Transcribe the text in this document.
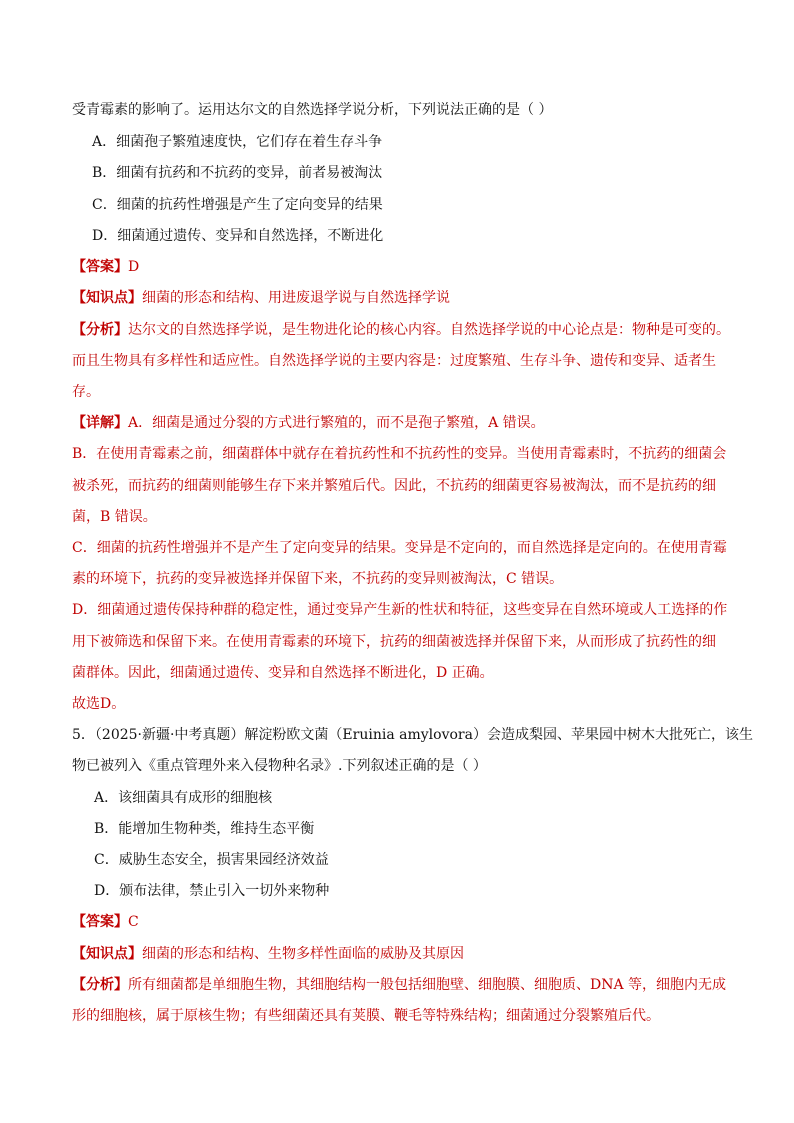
受青霉素的影响了。运用达尔文的自然选择学说分析，下列说法正确的是（ ）
A．细菌孢子繁殖速度快，它们存在着生存斗争
B．细菌有抗药和不抗药的变异，前者易被淘汰
C．细菌的抗药性增强是产生了定向变异的结果
D．细菌通过遗传、变异和自然选择，不断进化
【答案】D
【知识点】细菌的形态和结构、用进废退学说与自然选择学说
【分析】达尔文的自然选择学说，是生物进化论的核心内容。自然选择学说的中心论点是：物种是可变的。
而且生物具有多样性和适应性。自然选择学说的主要内容是：过度繁殖、生存斗争、遗传和变异、适者生
存。
【详解】A．细菌是通过分裂的方式进行繁殖的，而不是孢子繁殖，A 错误。
B．在使用青霉素之前，细菌群体中就存在着抗药性和不抗药性的变异。当使用青霉素时，不抗药的细菌会
被杀死，而抗药的细菌则能够生存下来并繁殖后代。因此，不抗药的细菌更容易被淘汰，而不是抗药的细
菌，B 错误。
C．细菌的抗药性增强并不是产生了定向变异的结果。变异是不定向的，而自然选择是定向的。在使用青霉
素的环境下，抗药的变异被选择并保留下来，不抗药的变异则被淘汰，C 错误。
D．细菌通过遗传保持种群的稳定性，通过变异产生新的性状和特征，这些变异在自然环境或人工选择的作
用下被筛选和保留下来。在使用青霉素的环境下，抗药的细菌被选择并保留下来，从而形成了抗药性的细
菌群体。因此，细菌通过遗传、变异和自然选择不断进化，D 正确。
故选D。
5．（2025·新疆·中考真题）解淀粉欧文菌（Eruinia amylovora）会造成梨园、苹果园中树木大批死亡，该生
物已被列入《重点管理外来入侵物种名录》.下列叙述正确的是（ ）
A．该细菌具有成形的细胞核
B．能增加生物种类，维持生态平衡
C．威胁生态安全，损害果园经济效益
D．颁布法律，禁止引入一切外来物种
【答案】C
【知识点】细菌的形态和结构、生物多样性面临的威胁及其原因
【分析】所有细菌都是单细胞生物，其细胞结构一般包括细胞壁、细胞膜、细胞质、DNA 等，细胞内无成
形的细胞核，属于原核生物；有些细菌还具有荚膜、鞭毛等特殊结构；细菌通过分裂繁殖后代。
